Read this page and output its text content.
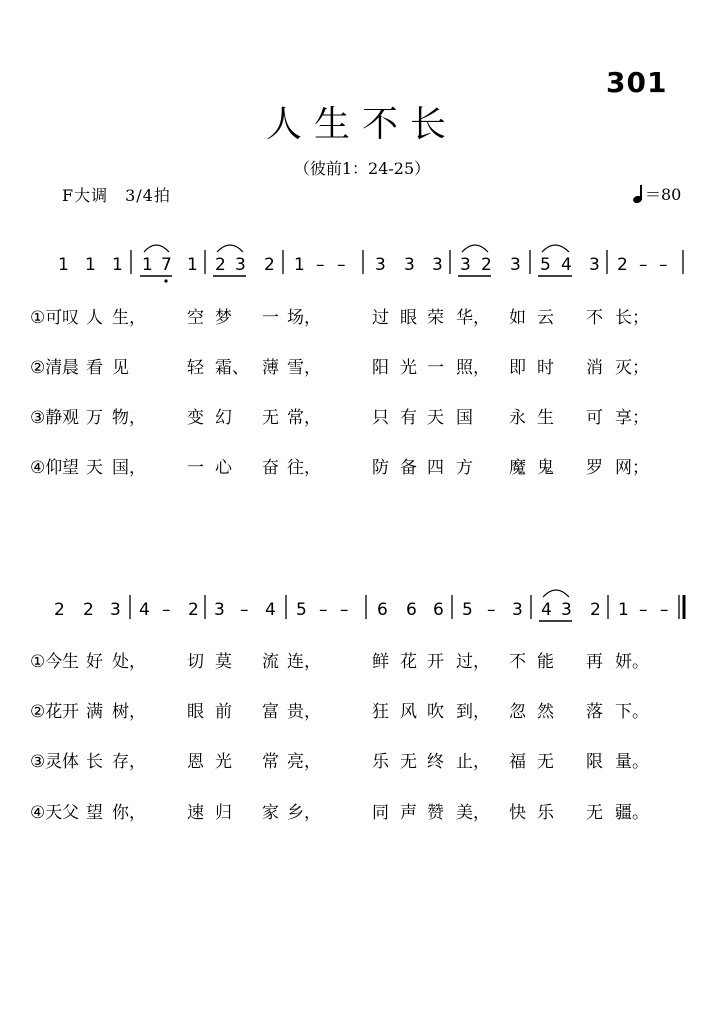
301
人生不长
（彼前1：24-25）
F大调　3/4拍	＝80
1 1 1 1 7 1 2 3 2 1 – – 3 3 3 3 2 3 5 4 3 2 – –
2 2 3 4 – 2 3 – 4 5 – – 6 6 6 5 – 3 4 3 2 1 – –
①可 叹 人 生， 空 梦 一 场，	过 眼 荣 华， 如 云 不 长；
②清 晨 看 见	轻 霜、 薄 雪，	阳 光 一 照， 即 时 消 灭；
③静 观 万 物， 变 幻 无 常，	只 有 天 国 永 生 可 享；
④仰 望 天 国， 一 心 奋 往，	防 备 四 方 魔 鬼 罗 网；
①今 生 好 处， 切 莫 流 连，	鲜 花 开 过， 不 能 再 妍。
②花 开 满 树， 眼 前 富 贵，	狂 风 吹 到， 忽 然 落 下。
③灵 体 长 存， 恩 光 常 亮，	乐 无 终 止， 福 无 限 量。
④天 父 望 你， 速 归 家 乡，	同 声 赞 美， 快 乐 无 疆。
